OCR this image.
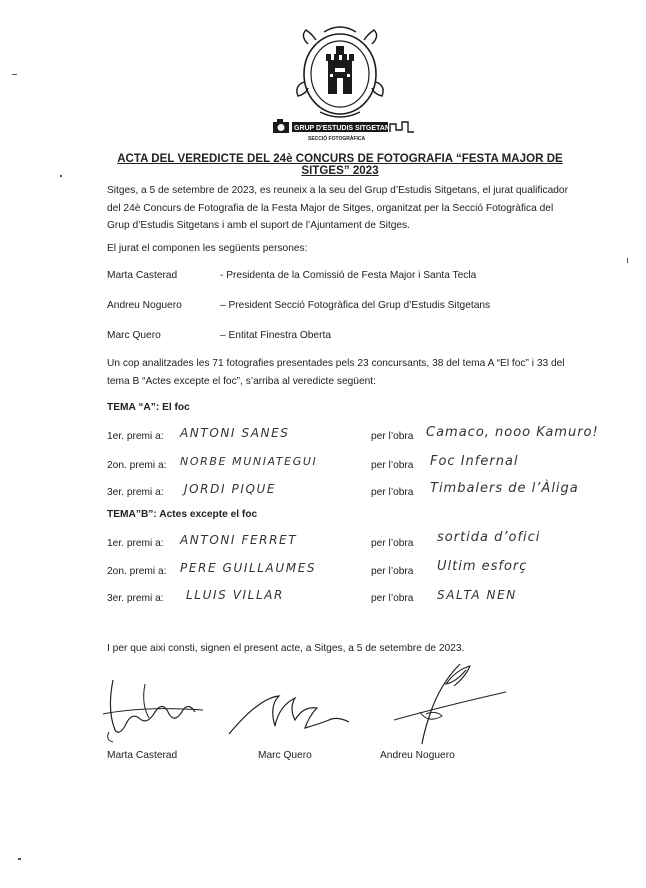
GRUP D'ESTUDIS SITGETANS
SECCIÓ FOTOGRÀFICA
ACTA DEL VEREDICTE DEL 24è CONCURS DE FOTOGRAFIA “FESTA MAJOR DE SITGES” 2023
Sitges, a 5 de setembre de 2023, es reuneix a la seu del Grup d’Estudis Sitgetans, el jurat qualificador del 24è Concurs de Fotografia de la Festa Major de Sitges, organitzat per la Secció Fotogràfica del Grup d’Estudis Sitgetans i amb el suport de l’Ajuntament de Sitges.
El jurat el componen les següents persones:
Marta Casterad	- Presidenta de la Comissió de Festa Major i Santa Tecla
Andreu Noguero	– President Secció Fotogràfica del Grup d’Estudis Sitgetans
Marc Quero	– Entitat Finestra Oberta
Un cop analitzades les 71 fotografies presentades pels 23 concursants, 38 del tema A “El foc” i 33 del tema B “Actes excepte el foc”, s’arriba al veredicte següent:
TEMA “A”: El foc
1er. premi a: ANTONI SANES	per l’obra Camaco, nooo Kamuro!
2on. premi a: NORBE MUNIATEGUI	per l’obra Foc Infernal
3er. premi a: JORDI PIQUE	per l’obra Timbalers de l’Àliga
TEMA”B”: Actes excepte el foc
1er. premi a: ANTONI FERRET	per l’obra sortida d’ofici
2on. premi a: PERE GUILLAUMES	per l’obra Ultim esforç
3er. premi a: LLUIS VILLAR	per l’obra SALTA NEN
I per que aixi consti, signen el present acte, a Sitges, a 5 de setembre de 2023.
Marta Casterad	Marc Quero	Andreu Noguero
